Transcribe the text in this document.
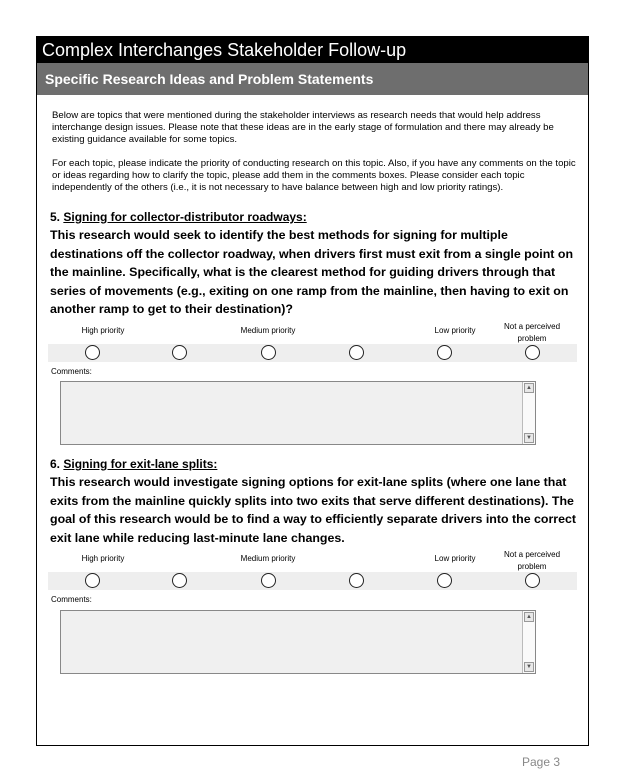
Complex Interchanges Stakeholder Follow-up
Specific Research Ideas and Problem Statements

Below are topics that were mentioned during the stakeholder interviews as research needs that would help address interchange design issues. Please note that these ideas are in the early stage of formulation and there may already be existing guidance available for some topics.

For each topic, please indicate the priority of conducting research on this topic. Also, if you have any comments on the topic or ideas regarding how to clarify the topic, please add them in the comments boxes. Please consider each topic independently of the others (i.e., it is not necessary to have balance between high and low priority ratings).

5. Signing for collector-distributor roadways:

This research would seek to identify the best methods for signing for multiple destinations off the collector roadway, when drivers first must exit from a single point on the mainline. Specifically, what is the clearest method for guiding drivers through that series of movements (e.g., exiting on one ramp from the mainline, then having to exit on another ramp to get to their destination)?

High priority	Medium priority	Low priority	Not a perceived
problem
Comments:
▲
▼
6. Signing for exit-lane splits:

This research would investigate signing options for exit-lane splits (where one lane that exits from the mainline quickly splits into two exits that serve different destinations). The goal of this research would be to find a way to efficiently separate drivers into the correct exit lane while reducing last-minute lane changes.

High priority	Medium priority	Low priority	Not a perceived
problem
Comments:
▲
▼
Page 3
